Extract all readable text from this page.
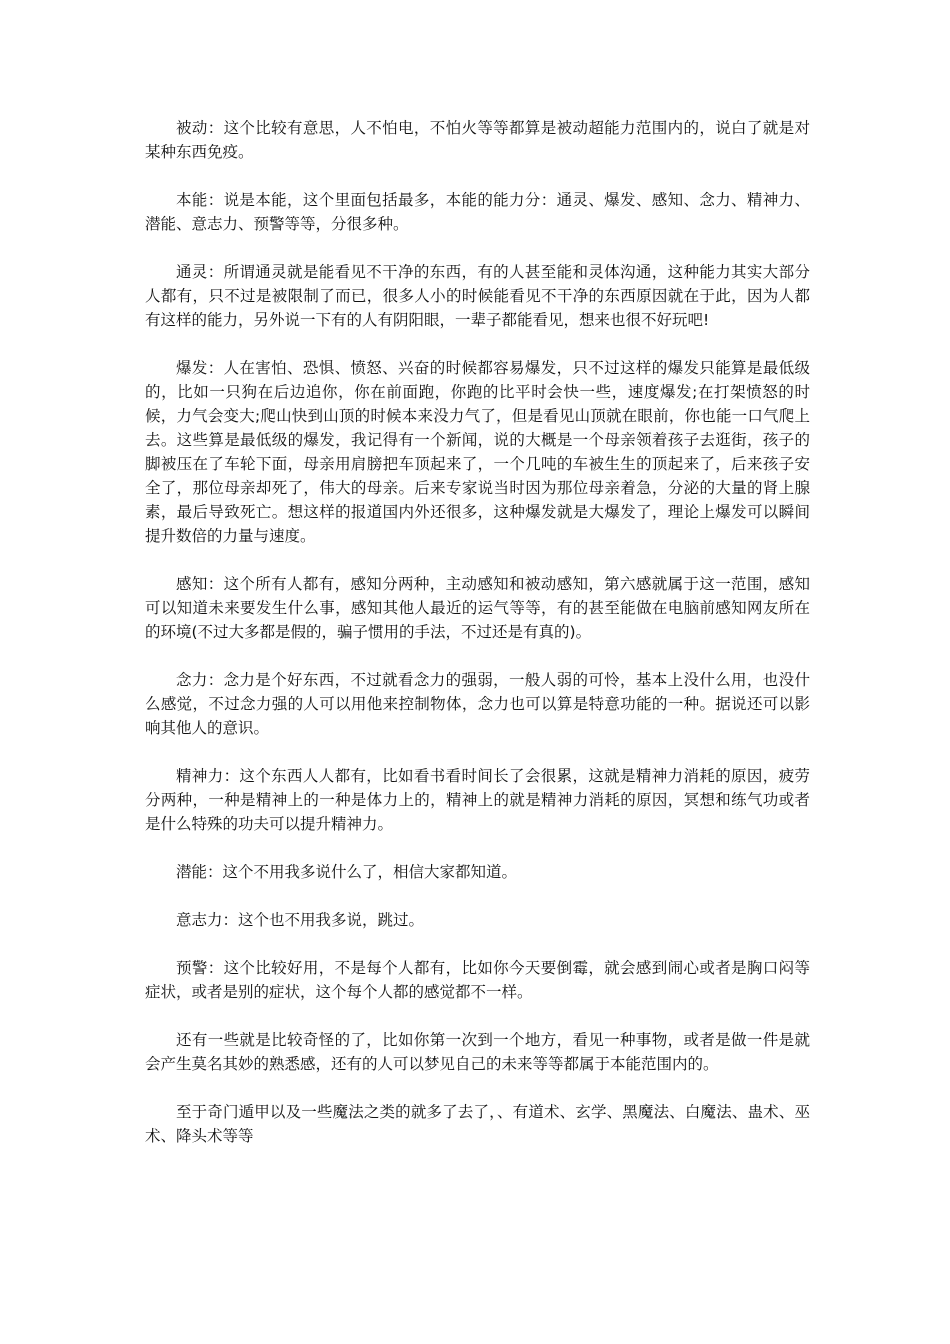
被动：这个比较有意思，人不怕电，不怕火等等都算是被动超能力范围内的，说白了就是对某种东西免疫。

本能：说是本能，这个里面包括最多，本能的能力分：通灵、爆发、感知、念力、精神力、潜能、意志力、预警等等，分很多种。

通灵：所谓通灵就是能看见不干净的东西，有的人甚至能和灵体沟通，这种能力其实大部分人都有，只不过是被限制了而已，很多人小的时候能看见不干净的东西原因就在于此，因为人都有这样的能力，另外说一下有的人有阴阳眼，一辈子都能看见，想来也很不好玩吧!

爆发：人在害怕、恐惧、愤怒、兴奋的时候都容易爆发，只不过这样的爆发只能算是最低级的，比如一只狗在后边追你，你在前面跑，你跑的比平时会快一些，速度爆发;在打架愤怒的时候，力气会变大;爬山快到山顶的时候本来没力气了，但是看见山顶就在眼前，你也能一口气爬上去。这些算是最低级的爆发，我记得有一个新闻，说的大概是一个母亲领着孩子去逛街，孩子的脚被压在了车轮下面，母亲用肩膀把车顶起来了，一个几吨的车被生生的顶起来了，后来孩子安全了，那位母亲却死了，伟大的母亲。后来专家说当时因为那位母亲着急，分泌的大量的肾上腺素，最后导致死亡。想这样的报道国内外还很多，这种爆发就是大爆发了，理论上爆发可以瞬间提升数倍的力量与速度。

感知：这个所有人都有，感知分两种，主动感知和被动感知，第六感就属于这一范围，感知可以知道未来要发生什么事，感知其他人最近的运气等等，有的甚至能做在电脑前感知网友所在的环境(不过大多都是假的，骗子惯用的手法，不过还是有真的)。

念力：念力是个好东西，不过就看念力的强弱，一般人弱的可怜，基本上没什么用，也没什么感觉，不过念力强的人可以用他来控制物体，念力也可以算是特意功能的一种。据说还可以影响其他人的意识。

精神力：这个东西人人都有，比如看书看时间长了会很累，这就是精神力消耗的原因，疲劳分两种，一种是精神上的一种是体力上的，精神上的就是精神力消耗的原因，冥想和练气功或者是什么特殊的功夫可以提升精神力。

潜能：这个不用我多说什么了，相信大家都知道。

意志力：这个也不用我多说，跳过。

预警：这个比较好用，不是每个人都有，比如你今天要倒霉，就会感到闹心或者是胸口闷等症状，或者是别的症状，这个每个人都的感觉都不一样。

还有一些就是比较奇怪的了，比如你第一次到一个地方，看见一种事物，或者是做一件是就会产生莫名其妙的熟悉感，还有的人可以梦见自己的未来等等都属于本能范围内的。

至于奇门遁甲以及一些魔法之类的就多了去了，、有道术、玄学、黑魔法、白魔法、蛊术、巫术、降头术等等
